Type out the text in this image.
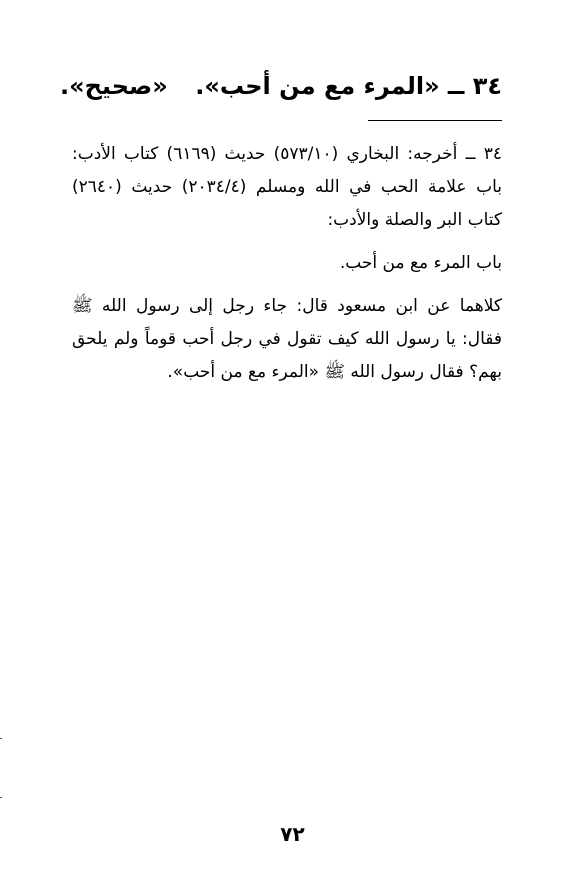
٣٤ ــ «المرء مع من أحب».
«صحيح».

٣٤ ــ أخرجه: البخاري (٥٧٣/١٠) حديث (٦١٦٩) كتاب الأدب: باب علامة الحب في الله ومسلم (٢٠٣٤/٤) حديث (٢٦٤٠) كتاب البر والصلة والأدب:

باب المرء مع من أحب.

كلاهما عن ابن مسعود قال: جاء رجل إلى رسول الله ﷺ فقال: يا رسول الله كيف تقول في رجل أحب قوماً ولم يلحق بهم؟ فقال رسول الله ﷺ «المرء مع من أحب».

٧٢
